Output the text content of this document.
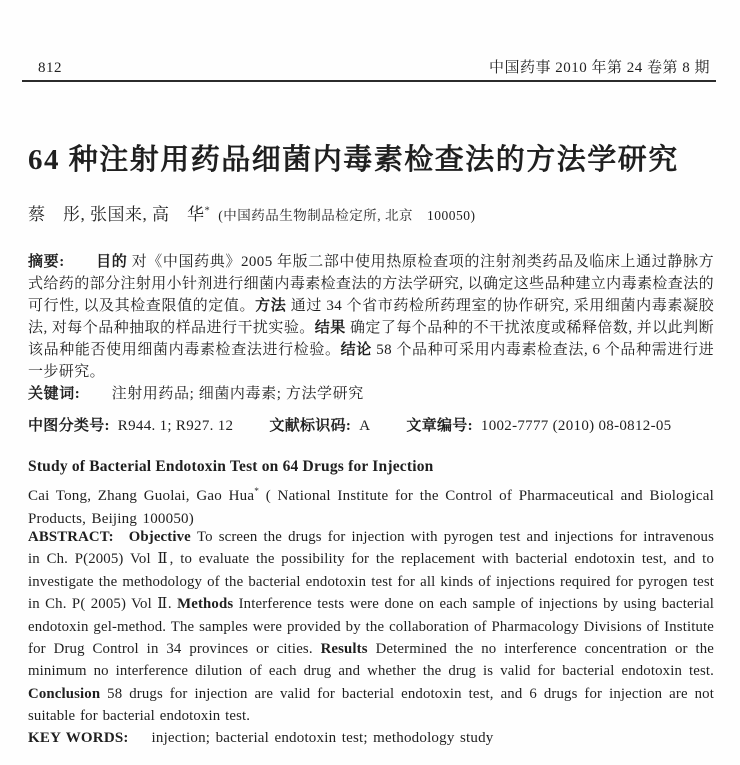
812	中国药事 2010 年第 24 卷第 8 期
64 种注射用药品细菌内毒素检查法的方法学研究

蔡　彤, 张国来, 高　华* (中国药品生物制品检定所, 北京　100050)

摘要:　　目的 对《中国药典》2005 年版二部中使用热原检查项的注射剂类药品及临床上通过静脉方式给药的部分注射用小针剂进行细菌内毒素检查法的方法学研究, 以确定这些品种建立内毒素检查法的可行性, 以及其检查限值的定值。方法 通过 34 个省市药检所药理室的协作研究, 采用细菌内毒素凝胶法, 对每个品种抽取的样品进行干扰实验。结果 确定了每个品种的不干扰浓度或稀释倍数, 并以此判断该品种能否使用细菌内毒素检查法进行检验。结论 58 个品种可采用内毒素检查法, 6 个品种需进行进一步研究。

关键词:　　注射用药品; 细菌内毒素; 方法学研究

中图分类号: R944. 1; R927. 12 文献标识码: A 文章编号: 1002-7777 (2010) 08-0812-05

Study of Bacterial Endotoxin Test on 64 Drugs for Injection

Cai Tong, Zhang Guolai, Gao Hua* ( National Institute for the Control of Pharmaceutical and Biological Products, Beijing 100050)

ABSTRACT: Objective To screen the drugs for injection with pyrogen test and injections for intravenous in Ch. P(2005) Vol Ⅱ, to evaluate the possibility for the replacement with bacterial endotoxin test, and to investigate the methodology of the bacterial endotoxin test for all kinds of injections required for pyrogen test in Ch. P( 2005) Vol Ⅱ. Methods Interference tests were done on each sample of injections by using bacterial endotoxin gel-method. The samples were provided by the collaboration of Pharmacology Divisions of Institute for Drug Control in 34 provinces or cities. Results Determined the no interference concentration or the minimum no interference dilution of each drug and whether the drug is valid for bacterial endotoxin test. Conclusion 58 drugs for injection are valid for bacterial endotoxin test, and 6 drugs for injection are not suitable for bacterial endotoxin test.

KEY WORDS:  injection; bacterial endotoxin test; methodology study
